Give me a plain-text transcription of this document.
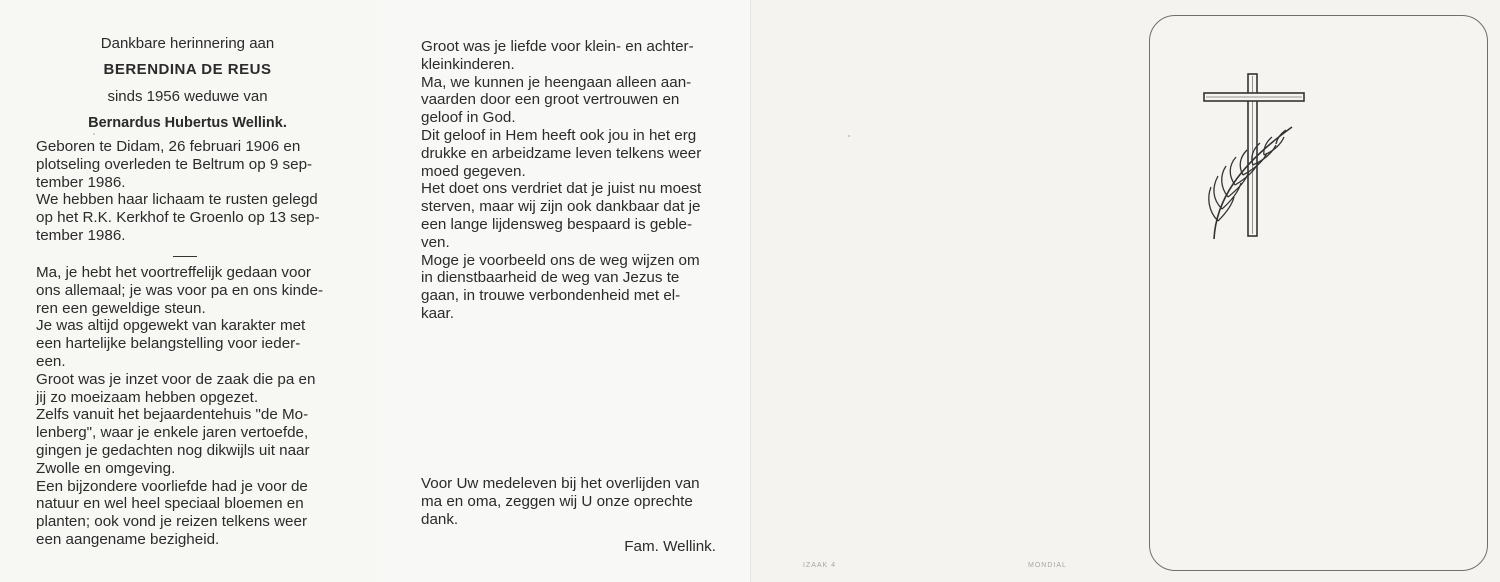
Dankbare herinnering aan
BERENDINA DE REUS
sinds 1956 weduwe van
Bernardus Hubertus Wellink.
Geboren te Didam, 26 februari 1906 en
plotseling overleden te Beltrum op 9 sep-
tember 1986.
We hebben haar lichaam te rusten gelegd
op het R.K. Kerkhof te Groenlo op 13 sep-
tember 1986.
Ma, je hebt het voortreffelijk gedaan voor
ons allemaal; je was voor pa en ons kinde-
ren een geweldige steun.
Je was altijd opgewekt van karakter met
een hartelijke belangstelling voor ieder-
een.
Groot was je inzet voor de zaak die pa en
jij zo moeizaam hebben opgezet.
Zelfs vanuit het bejaardentehuis "de Mo-
lenberg", waar je enkele jaren vertoefde,
gingen je gedachten nog dikwijls uit naar
Zwolle en omgeving.
Een bijzondere voorliefde had je voor de
natuur en wel heel speciaal bloemen en
planten; ook vond je reizen telkens weer
een aangename bezigheid.
Groot was je liefde voor klein- en achter-
kleinkinderen.
Ma, we kunnen je heengaan alleen aan-
vaarden door een groot vertrouwen en
geloof in God.
Dit geloof in Hem heeft ook jou in het erg
drukke en arbeidzame leven telkens weer
moed gegeven.
Het doet ons verdriet dat je juist nu moest
sterven, maar wij zijn ook dankbaar dat je
een lange lijdensweg bespaard is geble-
ven.
Moge je voorbeeld ons de weg wijzen om
in dienstbaarheid de weg van Jezus te
gaan, in trouwe verbondenheid met el-
kaar.
Voor Uw medeleven bij het overlijden van
ma en oma, zeggen wij U onze oprechte
dank.
Fam. Wellink.
IZAAK 4	MONDIAL
